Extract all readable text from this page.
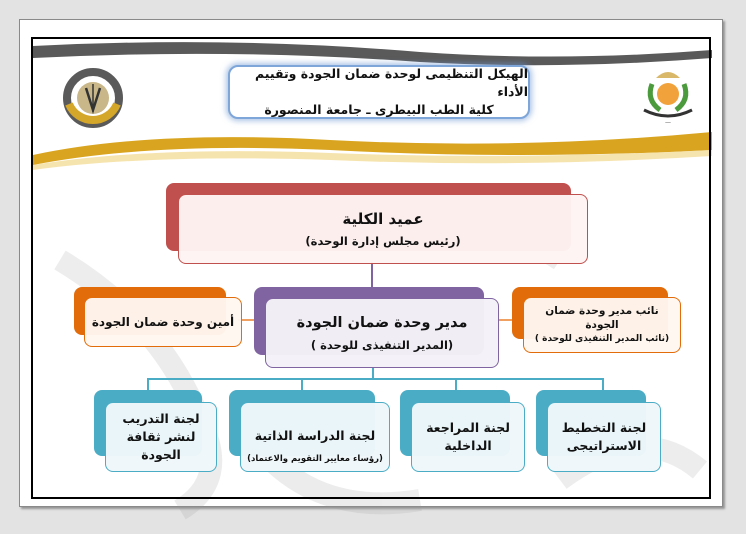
—
الهيكل التنظيمى لوحدة ضمان الجودة وتقييم الأداء
كلية الطب البيطرى ـ جامعة المنصورة
عميد الكلية
(رئيس مجلس إدارة الوحدة)
أمين وحدة ضمان الجودة	مدير وحدة ضمان الجودة
(المدير التنفيذى للوحدة )
نائب مدير وحدة ضمان
الجودة
(نائب المدير التنفيذى للوحدة )
لجنة التخطيط
الاستراتيجى
لجنة المراجعة
الداخلية
لجنة الدراسة الذاتية
(رؤساء معايير التقويم والاعتماد)
لجنة التدريب
لنشر ثقافة الجودة
